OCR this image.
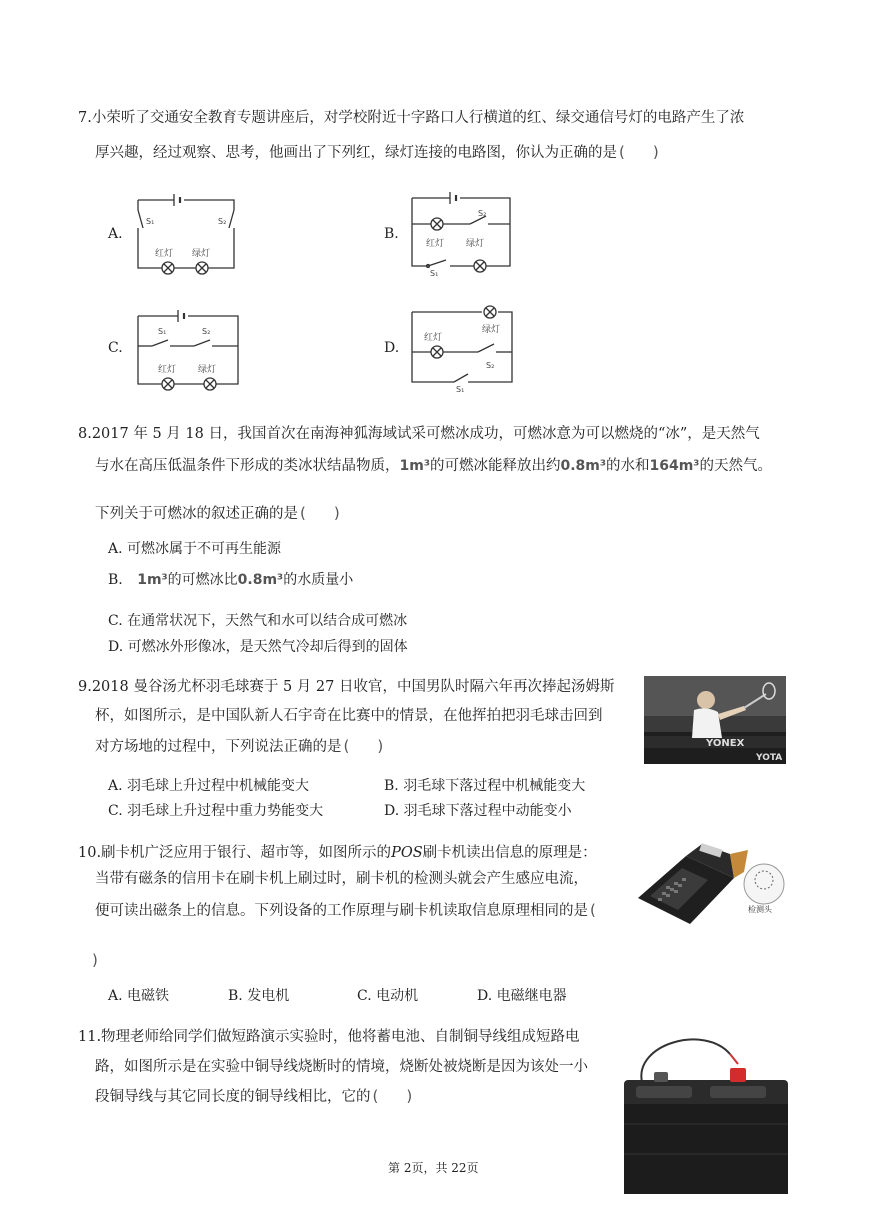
7.小荣听了交通安全教育专题讲座后，对学校附近十字路口人行横道的红、绿交通信号灯的电路产生了浓
厚兴趣，经过观察、思考，他画出了下列红，绿灯连接的电路图，你认为正确的是 ( )
A.	B.
C.	D.
S₁	S₂
红灯 绿灯
S₂
红灯 绿灯
S₁
S₁	S₂
红灯 绿灯
绿灯
红灯
S₂
S₁
8.2017 年 5 月 18 日，我国首次在南海神狐海域试采可燃冰成功，可燃冰意为可以燃烧的“冰”，是天然气
与水在高压低温条件下形成的类冰状结晶物质，1m³的可燃冰能释放出约0.8m³的水和164m³的天然气。
下列关于可燃冰的叙述正确的是 ( )
A. 可燃冰属于不可再生能源
B. 1m³的可燃冰比0.8m³的水质量小
C. 在通常状况下，天然气和水可以结合成可燃冰
D. 可燃冰外形像冰，是天然气冷却后得到的固体
9.2018 曼谷汤尤杯羽毛球赛于 5 月 27 日收官，中国男队时隔六年再次捧起汤姆斯
杯，如图所示，是中国队新人石宇奇在比赛中的情景，在他挥拍把羽毛球击回到
对方场地的过程中，下列说法正确的是 ( )
A. 羽毛球上升过程中机械能变大	B. 羽毛球下落过程中机械能变大
C. 羽毛球上升过程中重力势能变大	D. 羽毛球下落过程中动能变小
YONEX
YOTA
10.刷卡机广泛应用于银行、超市等，如图所示的POS刷卡机读出信息的原理是：
当带有磁条的信用卡在刷卡机上刷过时，刷卡机的检测头就会产生感应电流，
便可读出磁条上的信息。下列设备的工作原理与刷卡机读取信息原理相同的是 (
)
A. 电磁铁	B. 发电机	C. 电动机	D. 电磁继电器
检测头
11.物理老师给同学们做短路演示实验时，他将蓄电池、自制铜导线组成短路电
路，如图所示是在实验中铜导线烧断时的情境，烧断处被烧断是因为该处一小
段铜导线与其它同长度的铜导线相比，它的 ( )
第 2页，共 22页
